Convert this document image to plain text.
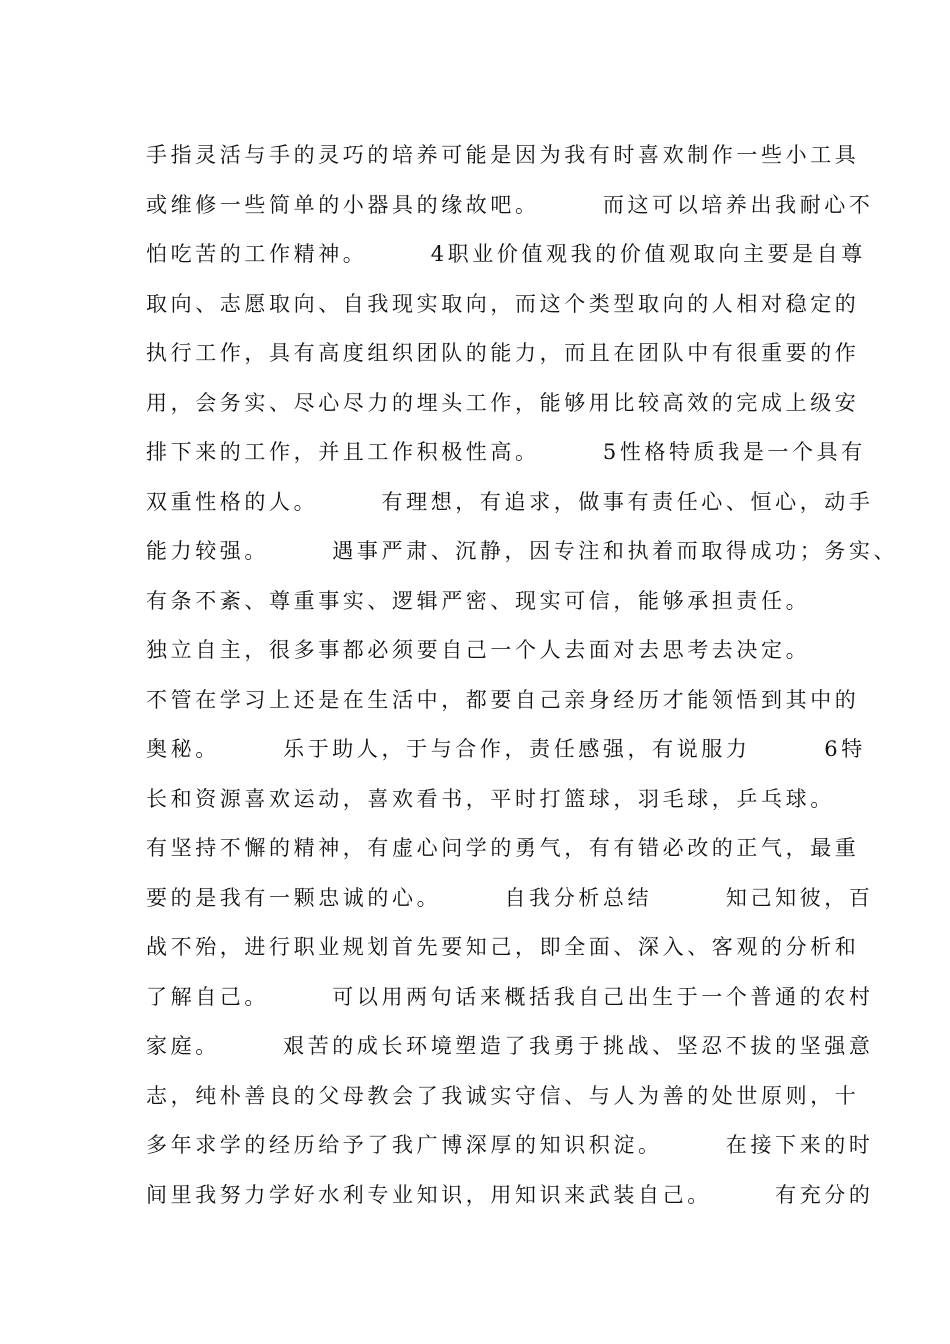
手指灵活与手的灵巧的培养可能是因为我有时喜欢制作一些小工具
或维修一些简单的小器具的缘故吧。　　　而这可以培养出我耐心不
怕吃苦的工作精神。　　　4职业价值观我的价值观取向主要是自尊
取向、志愿取向、自我现实取向，而这个类型取向的人相对稳定的
执行工作，具有高度组织团队的能力，而且在团队中有很重要的作
用，会务实、尽心尽力的埋头工作，能够用比较高效的完成上级安
排下来的工作，并且工作积极性高。　　　5性格特质我是一个具有
双重性格的人。　　　有理想，有追求，做事有责任心、恒心，动手
能力较强。　　　遇事严肃、沉静，因专注和执着而取得成功；务实、
有条不紊、尊重事实、逻辑严密、现实可信，能够承担责任。
独立自主，很多事都必须要自己一个人去面对去思考去决定。
不管在学习上还是在生活中，都要自己亲身经历才能领悟到其中的
奥秘。　　　乐于助人，于与合作，责任感强，有说服力　　　6特
长和资源喜欢运动，喜欢看书，平时打篮球，羽毛球，乒乓球。
有坚持不懈的精神，有虚心问学的勇气，有有错必改的正气，最重
要的是我有一颗忠诚的心。　　　自我分析总结　　　知己知彼，百
战不殆，进行职业规划首先要知己，即全面、深入、客观的分析和
了解自己。　　　可以用两句话来概括我自己出生于一个普通的农村
家庭。　　　艰苦的成长环境塑造了我勇于挑战、坚忍不拔的坚强意
志，纯朴善良的父母教会了我诚实守信、与人为善的处世原则，十
多年求学的经历给予了我广博深厚的知识积淀。　　　在接下来的时
间里我努力学好水利专业知识，用知识来武装自己。　　　有充分的
